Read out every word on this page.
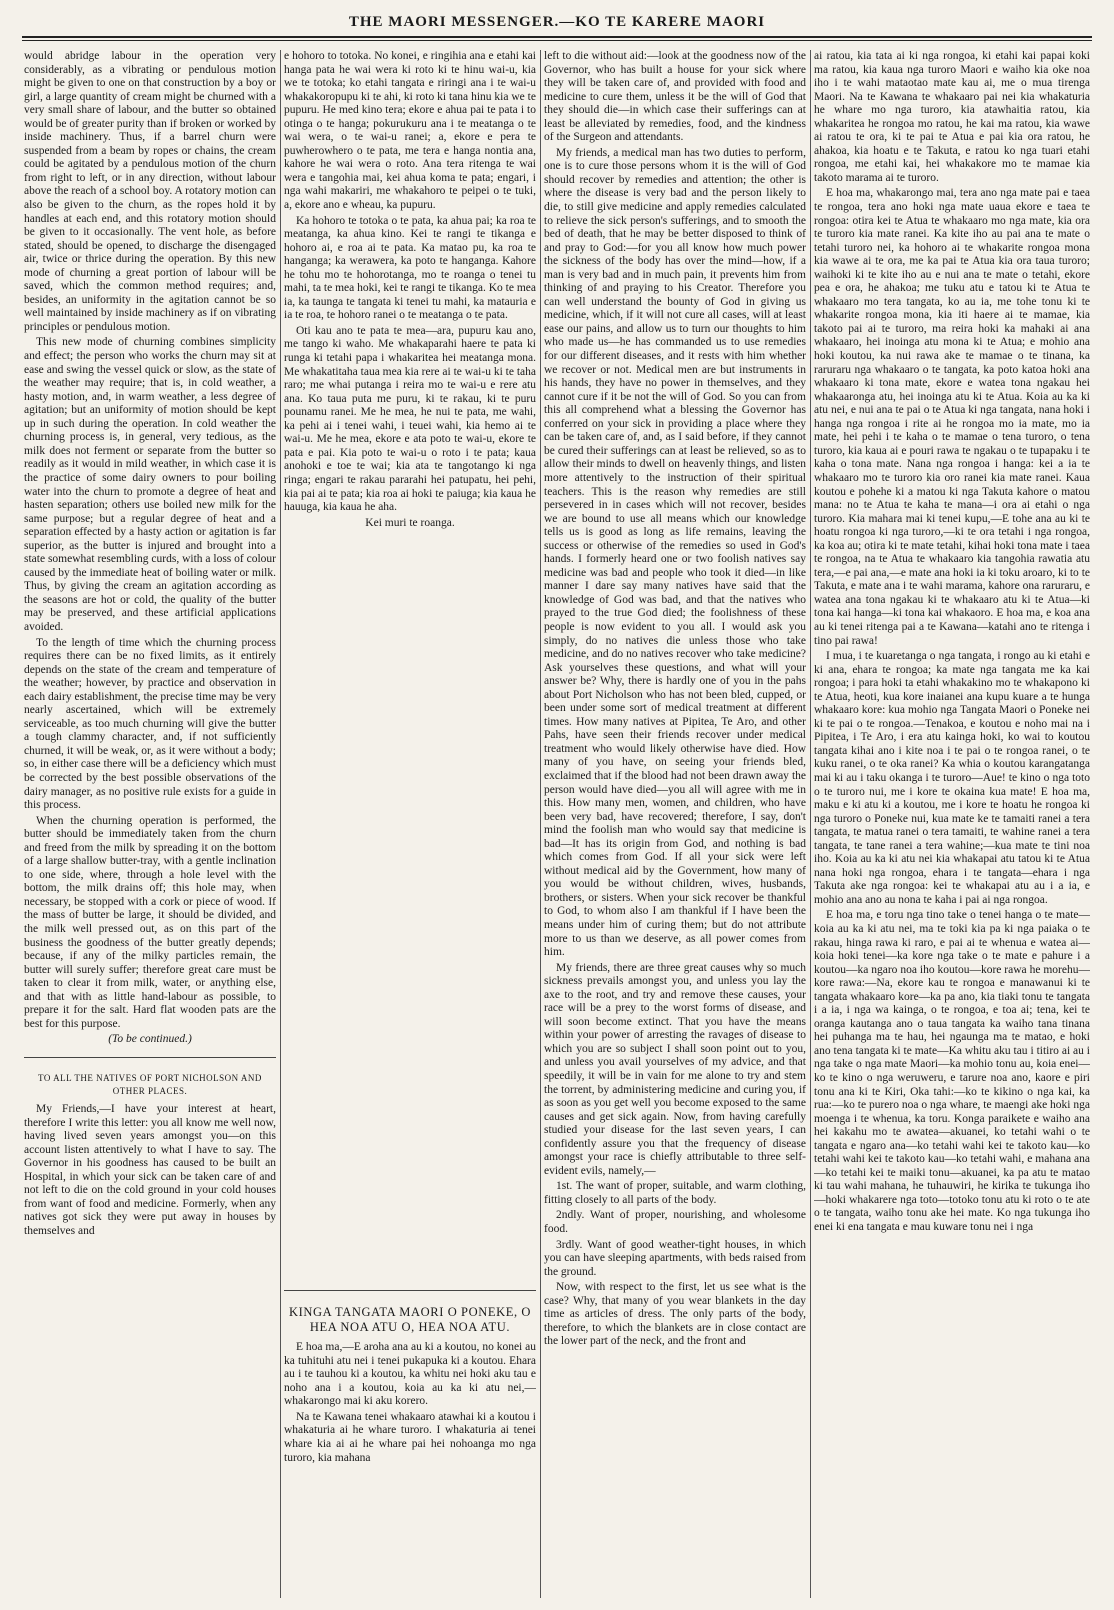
THE MAORI MESSENGER.—KO TE KARERE MAORI

would abridge labour in the operation very considerably, as a vibrating or pendulous motion might be given to one on that construction by a boy or girl, a large quantity of cream might be churned with a very small share of labour, and the butter so obtained would be of greater purity than if broken or worked by inside machinery. Thus, if a barrel churn were suspended from a beam by ropes or chains, the cream could be agitated by a pendulous motion of the churn from right to left, or in any direction, without labour above the reach of a school boy. A rotatory motion can also be given to the churn, as the ropes hold it by handles at each end, and this rotatory motion should be given to it occasionally. The vent hole, as before stated, should be opened, to discharge the disengaged air, twice or thrice during the operation. By this new mode of churning a great portion of labour will be saved, which the common method requires; and, besides, an uniformity in the agitation cannot be so well maintained by inside machinery as if on vibrating principles or pendulous motion.

This new mode of churning combines simplicity and effect; the person who works the churn may sit at ease and swing the vessel quick or slow, as the state of the weather may require; that is, in cold weather, a hasty motion, and, in warm weather, a less degree of agitation; but an uniformity of motion should be kept up in such during the operation. In cold weather the churning process is, in general, very tedious, as the milk does not ferment or separate from the butter so readily as it would in mild weather, in which case it is the practice of some dairy owners to pour boiling water into the churn to promote a degree of heat and hasten separation; others use boiled new milk for the same purpose; but a regular degree of heat and a separation effected by a hasty action or agitation is far superior, as the butter is injured and brought into a state somewhat resembling curds, with a loss of colour caused by the immediate heat of boiling water or milk. Thus, by giving the cream an agitation according as the seasons are hot or cold, the quality of the butter may be preserved, and these artificial applications avoided.

To the length of time which the churning process requires there can be no fixed limits, as it entirely depends on the state of the cream and temperature of the weather; however, by practice and observation in each dairy establishment, the precise time may be very nearly ascertained, which will be extremely serviceable, as too much churning will give the butter a tough clammy character, and, if not sufficiently churned, it will be weak, or, as it were without a body; so, in either case there will be a deficiency which must be corrected by the best possible observations of the dairy manager, as no positive rule exists for a guide in this process.

When the churning operation is performed, the butter should be immediately taken from the churn and freed from the milk by spreading it on the bottom of a large shallow butter-tray, with a gentle inclination to one side, where, through a hole level with the bottom, the milk drains off; this hole may, when necessary, be stopped with a cork or piece of wood. If the mass of butter be large, it should be divided, and the milk well pressed out, as on this part of the business the goodness of the butter greatly depends; because, if any of the milky particles remain, the butter will surely suffer; therefore great care must be taken to clear it from milk, water, or anything else, and that with as little hand-labour as possible, to prepare it for the salt. Hard flat wooden pats are the best for this purpose.

(To be continued.)

TO ALL THE NATIVES OF PORT NICHOLSON AND OTHER PLACES.

My Friends,—I have your interest at heart, therefore I write this letter: you all know me well now, having lived seven years amongst you—on this account listen attentively to what I have to say. The Governor in his goodness has caused to be built an Hospital, in which your sick can be taken care of and not left to die on the cold ground in your cold houses from want of food and medicine. Formerly, when any natives got sick they were put away in houses by themselves and

e hohoro to totoka. No konei, e ringihia ana e etahi kai hanga pata he wai wera ki roto ki te hinu wai-u, kia we te totoka; ko etahi tangata e riringi ana i te wai-u whakakoropupu ki te ahi, ki roto ki tana hinu kia we te pupuru. He med kino tera; ekore e ahua pai te pata i to otinga o te hanga; pokurukuru ana i te meatanga o te wai wera, o te wai-u ranei; a, ekore e pera te puwherowhero o te pata, me tera e hanga nontia ana, kahore he wai wera o roto. Ana tera ritenga te wai wera e tangohia mai, kei ahua koma te pata; engari, i nga wahi makariri, me whakahoro te peipei o te tuki, a, ekore ano e wheau, ka pupuru.

Ka hohoro te totoka o te pata, ka ahua pai; ka roa te meatanga, ka ahua kino. Kei te rangi te tikanga e hohoro ai, e roa ai te pata. Ka matao pu, ka roa te hanganga; ka werawera, ka poto te hanganga. Kahore he tohu mo te hohorotanga, mo te roanga o tenei tu mahi, ta te mea hoki, kei te rangi te tikanga. Ko te mea ia, ka taunga te tangata ki tenei tu mahi, ka matauria e ia te roa, te hohoro ranei o te meatanga o te pata.

Oti kau ano te pata te mea—ara, pupuru kau ano, me tango ki waho. Me whakaparahi haere te pata ki runga ki tetahi papa i whakaritea hei meatanga mona. Me whakatitaha taua mea kia rere ai te wai-u ki te taha raro; me whai putanga i reira mo te wai-u e rere atu ana. Ko taua puta me puru, ki te rakau, ki te puru pounamu ranei. Me he mea, he nui te pata, me wahi, ka pehi ai i tenei wahi, i teuei wahi, kia hemo ai te wai-u. Me he mea, ekore e ata poto te wai-u, ekore te pata e pai. Kia poto te wai-u o roto i te pata; kaua anohoki e toe te wai; kia ata te tangotango ki nga ringa; engari te rakau pararahi hei patupatu, hei pehi, kia pai ai te pata; kia roa ai hoki te paiuga; kia kaua he hauuga, kia kaua he aha.

Kei muri te roanga.

KINGA TANGATA MAORI O PONEKE, O HEA NOA ATU O, HEA NOA ATU.

E hoa ma,—E aroha ana au ki a koutou, no konei au ka tuhituhi atu nei i tenei pukapuka ki a koutou. Ehara au i te tauhou ki a koutou, ka whitu nei hoki aku tau e noho ana i a koutou, koia au ka ki atu nei,—whakarongo mai ki aku korero.

Na te Kawana tenei whakaaro atawhai ki a koutou i whakaturia ai he whare turoro. I whakaturia ai tenei whare kia ai ai he whare pai hei nohoanga mo nga turoro, kia mahana

left to die without aid:—look at the goodness now of the Governor, who has built a house for your sick where they will be taken care of, and provided with food and medicine to cure them, unless it be the will of God that they should die—in which case their sufferings can at least be alleviated by remedies, food, and the kindness of the Surgeon and attendants.

My friends, a medical man has two duties to perform, one is to cure those persons whom it is the will of God should recover by remedies and attention; the other is where the disease is very bad and the person likely to die, to still give medicine and apply remedies calculated to relieve the sick person's sufferings, and to smooth the bed of death, that he may be better disposed to think of and pray to God:—for you all know how much power the sickness of the body has over the mind—how, if a man is very bad and in much pain, it prevents him from thinking of and praying to his Creator. Therefore you can well understand the bounty of God in giving us medicine, which, if it will not cure all cases, will at least ease our pains, and allow us to turn our thoughts to him who made us—he has commanded us to use remedies for our different diseases, and it rests with him whether we recover or not. Medical men are but instruments in his hands, they have no power in themselves, and they cannot cure if it be not the will of God. So you can from this all comprehend what a blessing the Governor has conferred on your sick in providing a place where they can be taken care of, and, as I said before, if they cannot be cured their sufferings can at least be relieved, so as to allow their minds to dwell on heavenly things, and listen more attentively to the instruction of their spiritual teachers. This is the reason why remedies are still persevered in in cases which will not recover, besides we are bound to use all means which our knowledge tells us is good as long as life remains, leaving the success or otherwise of the remedies so used in God's hands. I formerly heard one or two foolish natives say medicine was bad and people who took it died—in like manner I dare say many natives have said that the knowledge of God was bad, and that the natives who prayed to the true God died; the foolishness of these people is now evident to you all. I would ask you simply, do no natives die unless those who take medicine, and do no natives recover who take medicine? Ask yourselves these questions, and what will your answer be? Why, there is hardly one of you in the pahs about Port Nicholson who has not been bled, cupped, or been under some sort of medical treatment at different times. How many natives at Pipitea, Te Aro, and other Pahs, have seen their friends recover under medical treatment who would likely otherwise have died. How many of you have, on seeing your friends bled, exclaimed that if the blood had not been drawn away the person would have died—you all will agree with me in this. How many men, women, and children, who have been very bad, have recovered; therefore, I say, don't mind the foolish man who would say that medicine is bad—It has its origin from God, and nothing is bad which comes from God. If all your sick were left without medical aid by the Government, how many of you would be without children, wives, husbands, brothers, or sisters. When your sick recover be thankful to God, to whom also I am thankful if I have been the means under him of curing them; but do not attribute more to us than we deserve, as all power comes from him.

My friends, there are three great causes why so much sickness prevails amongst you, and unless you lay the axe to the root, and try and remove these causes, your race will be a prey to the worst forms of disease, and will soon become extinct. That you have the means within your power of arresting the ravages of disease to which you are so subject I shall soon point out to you, and unless you avail yourselves of my advice, and that speedily, it will be in vain for me alone to try and stem the torrent, by administering medicine and curing you, if as soon as you get well you become exposed to the same causes and get sick again. Now, from having carefully studied your disease for the last seven years, I can confidently assure you that the frequency of disease amongst your race is chiefly attributable to three self-evident evils, namely,—

1st. The want of proper, suitable, and warm clothing, fitting closely to all parts of the body.

2ndly. Want of proper, nourishing, and wholesome food.

3rdly. Want of good weather-tight houses, in which you can have sleeping apartments, with beds raised from the ground.

Now, with respect to the first, let us see what is the case? Why, that many of you wear blankets in the day time as articles of dress. The only parts of the body, therefore, to which the blankets are in close contact are the lower part of the neck, and the front and

ai ratou, kia tata ai ki nga rongoa, ki etahi kai papai koki ma ratou, kia kaua nga turoro Maori e waiho kia oke noa iho i te wahi mataotao mate kau ai, me o mua tirenga Maori. Na te Kawana te whakaaro pai nei kia whakaturia he whare mo nga turoro, kia atawhaitia ratou, kia whakaritea he rongoa mo ratou, he kai ma ratou, kia wawe ai ratou te ora, ki te pai te Atua e pai kia ora ratou, he ahakoa, kia hoatu e te Takuta, e ratou ko nga tuari etahi rongoa, me etahi kai, hei whakakore mo te mamae kia takoto marama ai te turoro.

E hoa ma, whakarongo mai, tera ano nga mate pai e taea te rongoa, tera ano hoki nga mate uaua ekore e taea te rongoa: otira kei te Atua te whakaaro mo nga mate, kia ora te turoro kia mate ranei. Ka kite iho au pai ana te mate o tetahi turoro nei, ka hohoro ai te whakarite rongoa mona kia wawe ai te ora, me ka pai te Atua kia ora taua turoro; waihoki ki te kite iho au e nui ana te mate o tetahi, ekore pea e ora, he ahakoa; me tuku atu e tatou ki te Atua te whakaaro mo tera tangata, ko au ia, me tohe tonu ki te whakarite rongoa mona, kia iti haere ai te mamae, kia takoto pai ai te turoro, ma reira hoki ka mahaki ai ana whakaaro, hei inoinga atu mona ki te Atua; e mohio ana hoki koutou, ka nui rawa ake te mamae o te tinana, ka raruraru nga whakaaro o te tangata, ka poto katoa hoki ana whakaaro ki tona mate, ekore e watea tona ngakau hei whakaaronga atu, hei inoinga atu ki te Atua. Koia au ka ki atu nei, e nui ana te pai o te Atua ki nga tangata, nana hoki i hanga nga rongoa i rite ai he rongoa mo ia mate, mo ia mate, hei pehi i te kaha o te mamae o tena turoro, o tena turoro, kia kaua ai e pouri rawa te ngakau o te tupapaku i te kaha o tona mate. Nana nga rongoa i hanga: kei a ia te whakaaro mo te turoro kia oro ranei kia mate ranei. Kaua koutou e pohehe ki a matou ki nga Takuta kahore o matou mana: no te Atua te kaha te mana—i ora ai etahi o nga turoro. Kia mahara mai ki tenei kupu,—E tohe ana au ki te hoatu rongoa ki nga turoro,—ki te ora tetahi i nga rongoa, ka koa au; otira ki te mate tetahi, kihai hoki tona mate i taea te rongoa, na te Atua te whakaaro kia tangohia rawatia atu tera,—e pai ana,—e mate ana hoki ia ki toku aroaro, ki to te Takuta, e mate ana i te wahi marama, kahore ona raruraru, e watea ana tona ngakau ki te whakaaro atu ki te Atua—ki tona kai hanga—ki tona kai whakaoro. E hoa ma, e koa ana au ki tenei ritenga pai a te Kawana—katahi ano te ritenga i tino pai rawa!

I mua, i te kuaretanga o nga tangata, i rongo au ki etahi e ki ana, ehara te rongoa; ka mate nga tangata me ka kai rongoa; i para hoki ta etahi whakakino mo te whakapono ki te Atua, heoti, kua kore inaianei ana kupu kuare a te hunga whakaaro kore: kua mohio nga Tangata Maori o Poneke nei ki te pai o te rongoa.—Tenakoa, e koutou e noho mai na i Pipitea, i Te Aro, i era atu kainga hoki, ko wai to koutou tangata kihai ano i kite noa i te pai o te rongoa ranei, o te kuku ranei, o te oka ranei? Ka whia o koutou karangatanga mai ki au i taku okanga i te turoro—Aue! te kino o nga toto o te turoro nui, me i kore te okaina kua mate! E hoa ma, maku e ki atu ki a koutou, me i kore te hoatu he rongoa ki nga turoro o Poneke nui, kua mate ke te tamaiti ranei a tera tangata, te matua ranei o tera tamaiti, te wahine ranei a tera tangata, te tane ranei a tera wahine;—kua mate te tini noa iho. Koia au ka ki atu nei kia whakapai atu tatou ki te Atua nana hoki nga rongoa, ehara i te tangata—ehara i nga Takuta ake nga rongoa: kei te whakapai atu au i a ia, e mohio ana ano au nona te kaha i pai ai nga rongoa.

E hoa ma, e toru nga tino take o tenei hanga o te mate—koia au ka ki atu nei, ma te toki kia pa ki nga paiaka o te rakau, hinga rawa ki raro, e pai ai te whenua e watea ai—koia hoki tenei—ka kore nga take o te mate e pahure i a koutou—ka ngaro noa iho koutou—kore rawa he morehu—kore rawa:—Na, ekore kau te rongoa e manawanui ki te tangata whakaaro kore—ka pa ano, kia tiaki tonu te tangata i a ia, i nga wa kainga, o te rongoa, e toa ai; tena, kei te oranga kautanga ano o taua tangata ka waiho tana tinana hei puhanga ma te hau, hei ngaunga ma te matao, e hoki ano tena tangata ki te mate—Ka whitu aku tau i titiro ai au i nga take o nga mate Maori—ka mohio tonu au, koia enei—ko te kino o nga weruweru, e tarure noa ano, kaore e piri tonu ana ki te Kiri, Oka tahi:—ko te kikino o nga kai, ka rua:—ko te purero noa o nga whare, te maengi ake hoki nga moenga i te whenua, ka toru. Konga paraikete e waiho ana hei kakahu mo te awatea—akuanei, ko tetahi wahi o te tangata e ngaro ana—ko tetahi wahi kei te takoto kau—ko tetahi wahi kei te takoto kau—ko tetahi wahi, e mahana ana—ko tetahi kei te maiki tonu—akuanei, ka pa atu te matao ki tau wahi mahana, he tuhauwiri, he kirika te tukunga iho—hoki whakarere nga toto—totoko tonu atu ki roto o te ate o te tangata, waiho tonu ake hei mate. Ko nga tukunga iho enei ki ena tangata e mau kuware tonu nei i nga
